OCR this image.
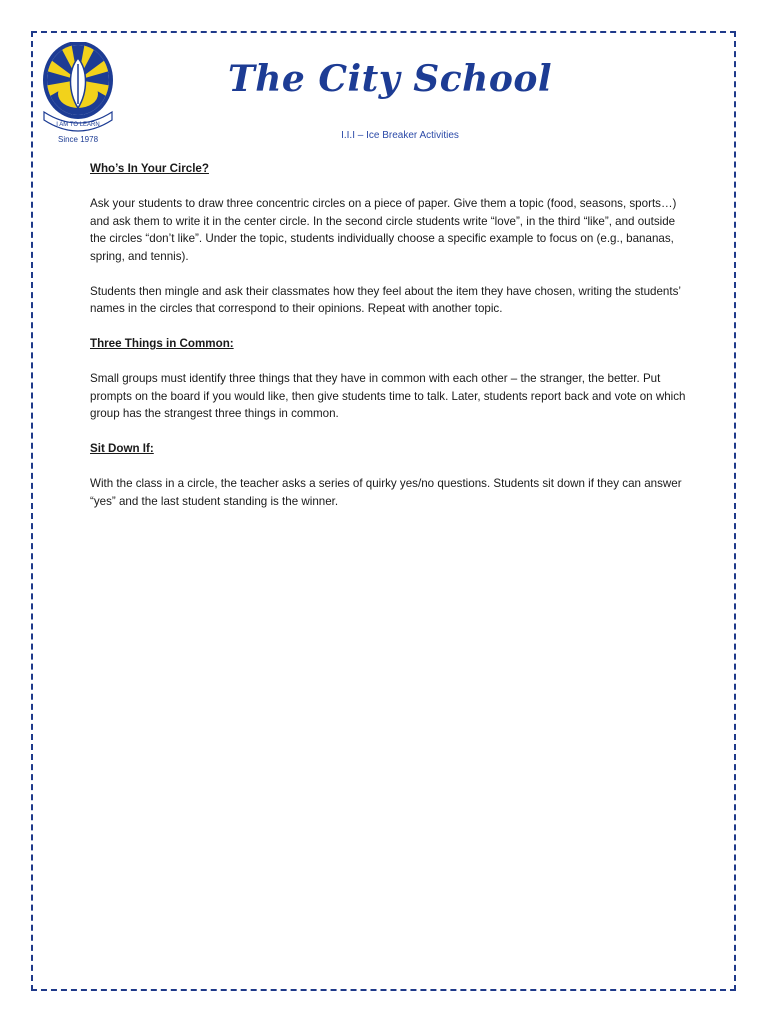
I AM TO LEARN
Since 1978
The City School
I.I.I – Ice Breaker Activities
Who’s In Your Circle?

Ask your students to draw three concentric circles on a piece of paper. Give them a topic (food, seasons, sports…) and ask them to write it in the center circle. In the second circle students write “love”, in the third “like”, and outside the circles “don’t like”. Under the topic, students individually choose a specific example to focus on (e.g., bananas, spring, and tennis).

Students then mingle and ask their classmates how they feel about the item they have chosen, writing the students’ names in the circles that correspond to their opinions. Repeat with another topic.

Three Things in Common:

Small groups must identify three things that they have in common with each other – the stranger, the better. Put prompts on the board if you would like, then give students time to talk. Later, students report back and vote on which group has the strangest three things in common.

Sit Down If:

With the class in a circle, the teacher asks a series of quirky yes/no questions. Students sit down if they can answer “yes” and the last student standing is the winner.
